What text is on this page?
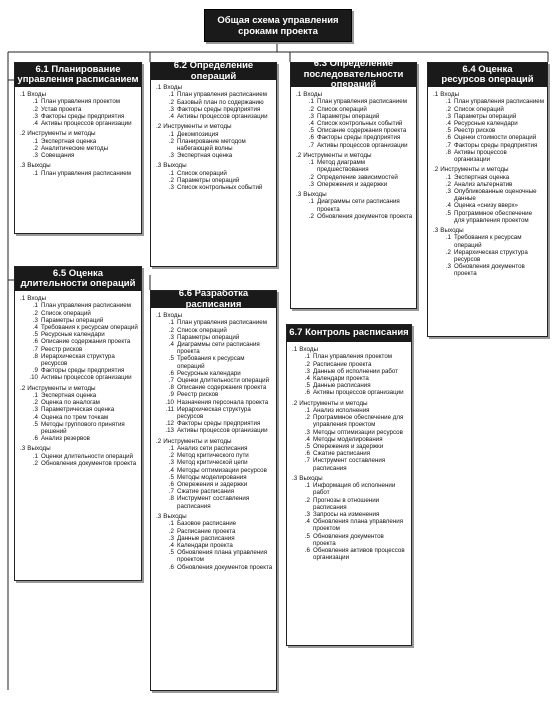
Общая схема управления
сроками проекта
6.1 Планирование
управления расписанием
.1 Входы
.1 План управления проектом
.2 Устав проекта
.3 Факторы среды предприятия
.4 Активы процессов организации
.2 Инструменты и методы
.1 Экспертная оценка
.2 Аналитические методы
.3 Совещания
.3 Выходы
.1 План управления расписанием
6.2 Определение операций
.1 Входы
.1 План управления расписанием
.2 Базовый план по содержанию
.3 Факторы среды предприятия
.4 Активы процессов организации
.2 Инструменты и методы
.1 Декомпозиция
.2 Планирование методом набегающей волны
.3 Экспертная оценка
.3 Выходы
.1 Список операций
.2 Параметры операций
.3 Список контрольных событий
6.3 Определение
последовательности операций
.1 Входы
.1 План управления расписанием
.2 Список операций
.3 Параметры операций
.4 Список контрольных событий
.5 Описание содержания проекта
.6 Факторы среды предприятия
.7 Активы процессов организации
.2 Инструменты и методы
.1 Метод диаграмм предшествования
.2 Определение зависимостей
.3 Опережения и задержки
.3 Выходы
.1 Диаграммы сети расписания проекта
.2 Обновления документов проекта
6.4 Оценка
ресурсов операций
.1 Входы
.1 План управления расписанием
.2 Список операций
.3 Параметры операций
.4 Ресурсные календари
.5 Реестр рисков
.6 Оценки стоимости операций
.7 Факторы среды предприятия
.8 Активы процессов организации
.2 Инструменты и методы
.1 Экспертная оценка
.2 Анализ альтернатив
.3 Опубликованные оценочные данные
.4 Оценка «снизу вверх»
.5 Программное обеспечение для управления проектом
.3 Выходы
.1 Требования к ресурсам операций
.2 Иерархическая структура ресурсов
.3 Обновления документов проекта
6.5 Оценка
длительности операций
.1 Входы
.1 План управления расписанием
.2 Список операций
.3 Параметры операций
.4 Требования к ресурсам операций
.5 Ресурсные календари
.6 Описание содержания проекта
.7 Реестр рисков
.8 Иерархическая структура ресурсов
.9 Факторы среды предприятия
.10 Активы процессов организации
.2 Инструменты и методы
.1 Экспертная оценка
.2 Оценка по аналогам
.3 Параметрическая оценка
.4 Оценка по трем точкам
.5 Методы группового принятия решений
.6 Анализ резервов
.3 Выходы
.1 Оценки длительности операций
.2 Обновления документов проекта
6.6 Разработка расписания
.1 Входы
.1 План управления расписанием
.2 Список операций
.3 Параметры операций
.4 Диаграммы сети расписания проекта
.5 Требования к ресурсам операций
.6 Ресурсные календари
.7 Оценки длительности операций
.8 Описание содержания проекта
.9 Реестр рисков
.10 Назначения персонала проекта
.11 Иерархическая структура ресурсов
.12 Факторы среды предприятия
.13 Активы процессов организации
.2 Инструменты и методы
.1 Анализ сети расписания
.2 Метод критического пути
.3 Метод критической цепи
.4 Методы оптимизации ресурсов
.5 Методы моделирования
.6 Опережения и задержки
.7 Сжатие расписания
.8 Инструмент составления расписания
.3 Выходы
.1 Базовое расписание
.2 Расписание проекта
.3 Данные расписания
.4 Календари проекта
.5 Обновления плана управления проектом
.6 Обновления документов проекта
6.7 Контроль расписания
.1 Входы
.1 План управления проектом
.2 Расписание проекта
.3 Данные об исполнении работ
.4 Календари проекта
.5 Данные расписания
.6 Активы процессов организации
.2 Инструменты и методы
.1 Анализ исполнения
.2 Программное обеспечение для управления проектом
.3 Методы оптимизации ресурсов
.4 Методы моделирования
.5 Опережения и задержки
.6 Сжатие расписания
.7 Инструмент составления расписания
.3 Выходы
.1 Информация об исполнении работ
.2 Прогнозы в отношении расписания
.3 Запросы на изменения
.4 Обновления плана управления проектом
.5 Обновления документов проекта
.6 Обновления активов процессов организации
